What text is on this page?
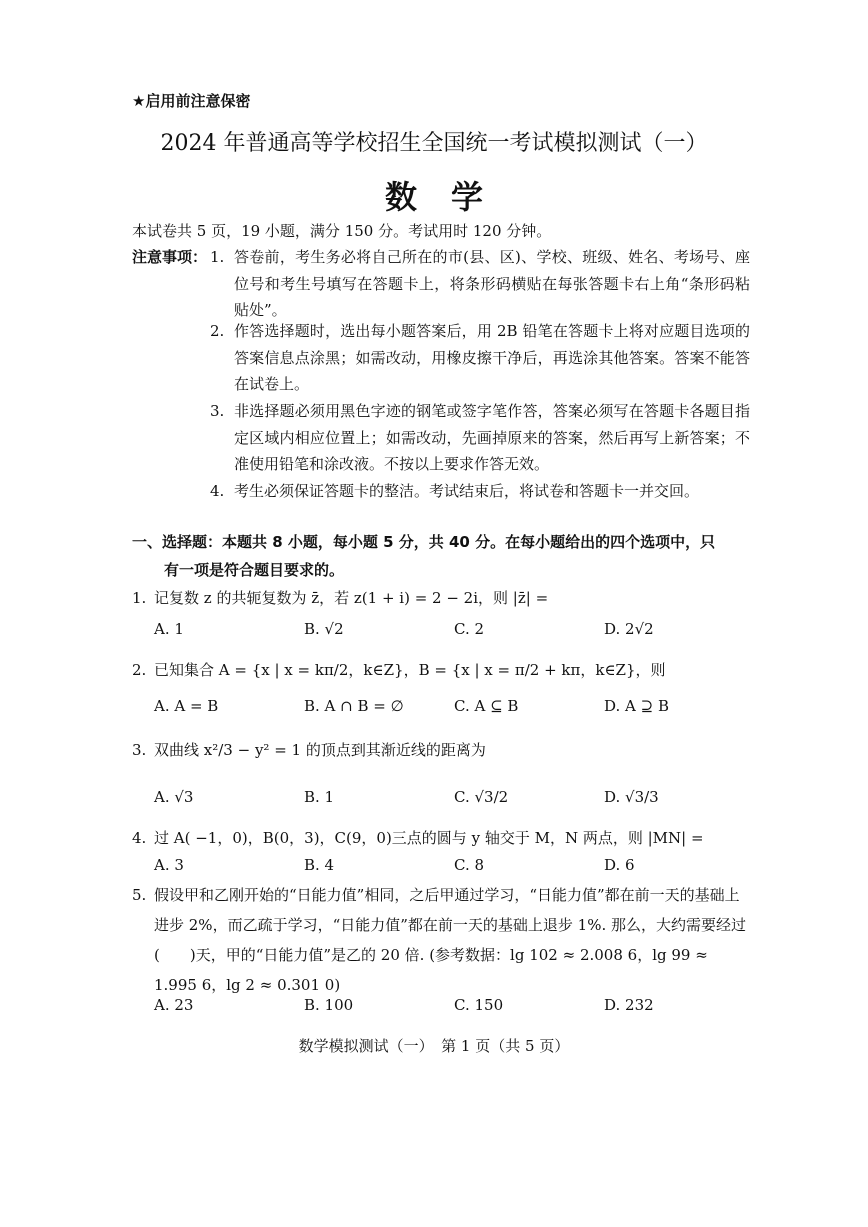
★启用前注意保密
2024 年普通高等学校招生全国统一考试模拟测试（一）
数学
本试卷共 5 页，19 小题，满分 150 分。考试用时 120 分钟。
注意事项： 1. 答卷前，考生务必将自己所在的市(县、区)、学校、班级、姓名、考场号、座位号和考生号填写在答题卡上，将条形码横贴在每张答题卡右上角“条形码粘贴处”。
2. 作答选择题时，选出每小题答案后，用 2B 铅笔在答题卡上将对应题目选项的答案信息点涂黑；如需改动，用橡皮擦干净后，再选涂其他答案。答案不能答在试卷上。
3. 非选择题必须用黑色字迹的钢笔或签字笔作答，答案必须写在答题卡各题目指定区域内相应位置上；如需改动，先画掉原来的答案，然后再写上新答案；不准使用铅笔和涂改液。不按以上要求作答无效。
4. 考生必须保证答题卡的整洁。考试结束后，将试卷和答题卡一并交回。
一、选择题：本题共 8 小题，每小题 5 分，共 40 分。在每小题给出的四个选项中，只
有一项是符合题目要求的。
1. 记复数 z 的共轭复数为 z̄，若 z(1 + i) = 2 − 2i，则 |z̄| =
A. 1	B. √2	C. 2	D. 2√2
2. 已知集合 A = {x | x = kπ/2，k∈Z}，B = {x | x = π/2 + kπ，k∈Z}，则
A. A = B	B. A ∩ B = ∅	C. A ⊆ B	D. A ⊇ B
3. 双曲线 x²/3 − y² = 1 的顶点到其渐近线的距离为
A. √3	B. 1	C. √3/2	D. √3/3
4. 过 A( −1，0)，B(0，3)，C(9，0)三点的圆与 y 轴交于 M，N 两点，则 |MN| =
A. 3	B. 4	C. 8	D. 6
5. 假设甲和乙刚开始的“日能力值”相同，之后甲通过学习，“日能力值”都在前一天的基础上进步 2%，而乙疏于学习，“日能力值”都在前一天的基础上退步 1%. 那么，大约需要经过(　　)天，甲的“日能力值”是乙的 20 倍. (参考数据：lg 102 ≈ 2.008 6，lg 99 ≈ 1.995 6，lg 2 ≈ 0.301 0)
A. 23	B. 100	C. 150	D. 232
数学模拟测试（一）　第 1 页（共 5 页）
